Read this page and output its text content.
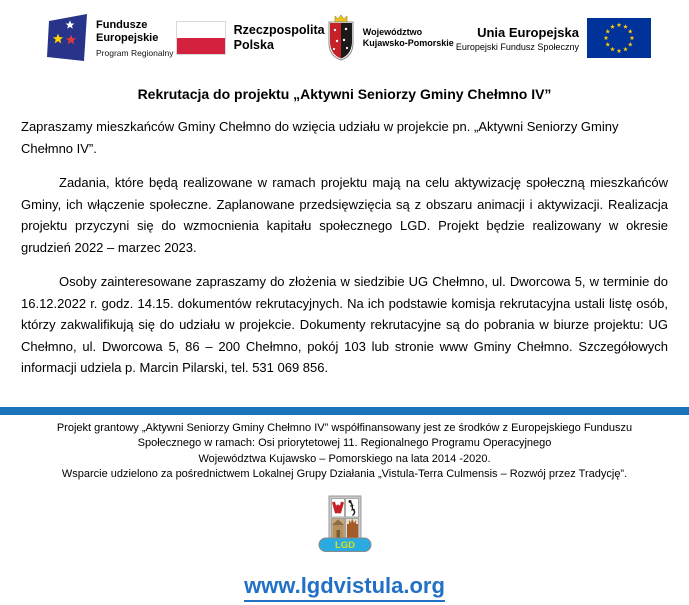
Fundusze
Europejskie
Program Regionalny
Rzeczpospolita
Polska
Województwo
Kujawsko-Pomorskie
Unia Europejska
Europejski Fundusz Społeczny
Rekrutacja do projektu „Aktywni Seniorzy Gminy Chełmno IV”

Zapraszamy mieszkańców Gminy Chełmno do wzięcia udziału w projekcie pn. „Aktywni Seniorzy Gminy Chełmno IV”.

Zadania, które będą realizowane w ramach projektu mają na celu aktywizację społeczną mieszkańców Gminy, ich włączenie społeczne. Zaplanowane przedsięwzięcia są z obszaru animacji i aktywizacji. Realizacja projektu przyczyni się do wzmocnienia kapitału społecznego LGD. Projekt będzie realizowany w okresie grudzień 2022 – marzec 2023.

Osoby zainteresowane zapraszamy do złożenia w siedzibie UG Chełmno, ul. Dworcowa 5, w terminie do 16.12.2022 r. godz. 14.15. dokumentów rekrutacyjnych. Na ich podstawie komisja rekrutacyjna ustali listę osób, którzy zakwalifikują się do udziału w projekcie. Dokumenty rekrutacyjne są do pobrania w biurze projektu: UG Chełmno, ul. Dworcowa 5, 86 – 200 Chełmno, pokój 103 lub stronie www Gminy Chełmno. Szczegółowych informacji udziela p. Marcin Pilarski, tel. 531 069 856.

Projekt grantowy „Aktywni Seniorzy Gminy Chełmno IV” współfinansowany jest ze środków z Europejskiego Funduszu
Społecznego w ramach: Osi priorytetowej 11. Regionalnego Programu Operacyjnego
Województwa Kujawsko – Pomorskiego na lata 2014 -2020.
Wsparcie udzielono za pośrednictwem Lokalnej Grupy Działania „Vistula-Terra Culmensis – Rozwój przez Tradycję”.
LGD
www.lgdvistula.org
